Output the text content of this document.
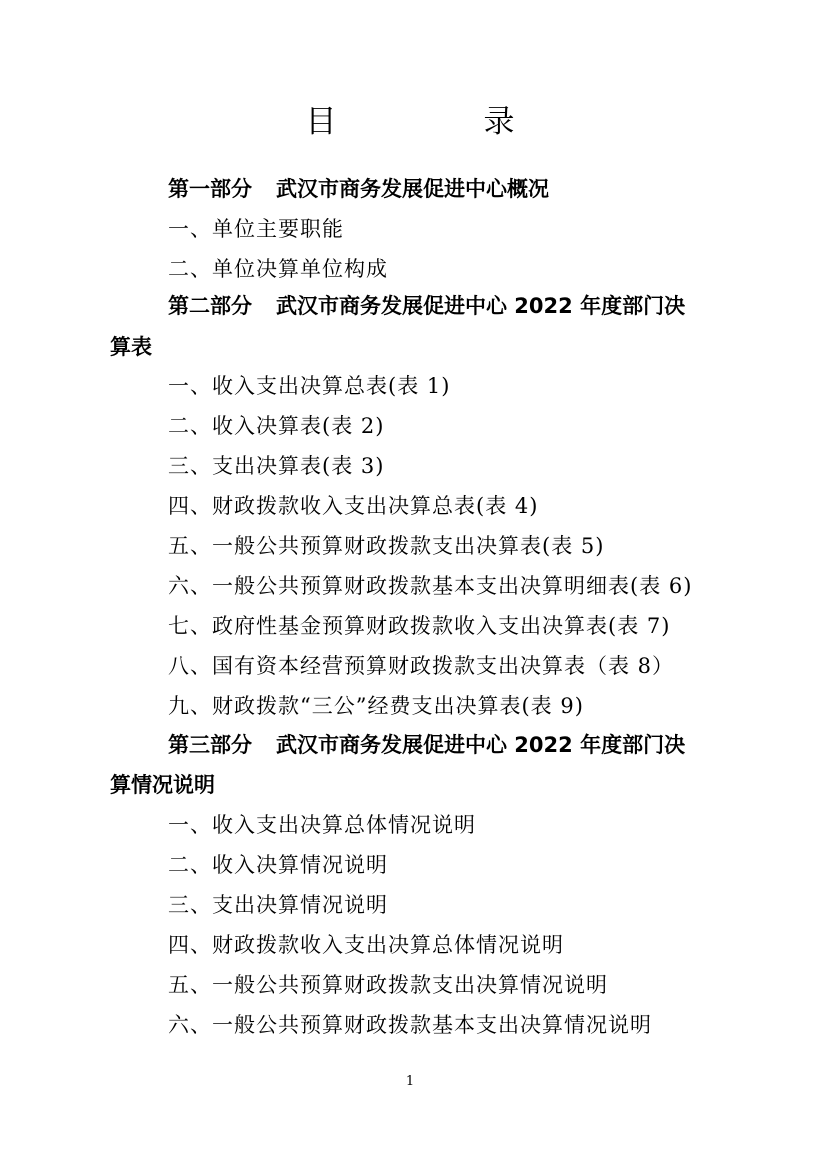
目　录
第一部分 武汉市商务发展促进中心概况
一、单位主要职能
二、单位决算单位构成
第二部分 武汉市商务发展促进中心 2022 年度部门决
算表
一、收入支出决算总表(表 1)
二、收入决算表(表 2)
三、支出决算表(表 3)
四、财政拨款收入支出决算总表(表 4)
五、一般公共预算财政拨款支出决算表(表 5)
六、一般公共预算财政拨款基本支出决算明细表(表 6)
七、政府性基金预算财政拨款收入支出决算表(表 7)
八、国有资本经营预算财政拨款支出决算表（表 8）
九、财政拨款“三公”经费支出决算表(表 9)
第三部分 武汉市商务发展促进中心 2022 年度部门决
算情况说明
一、收入支出决算总体情况说明
二、收入决算情况说明
三、支出决算情况说明
四、财政拨款收入支出决算总体情况说明
五、一般公共预算财政拨款支出决算情况说明
六、一般公共预算财政拨款基本支出决算情况说明
1
